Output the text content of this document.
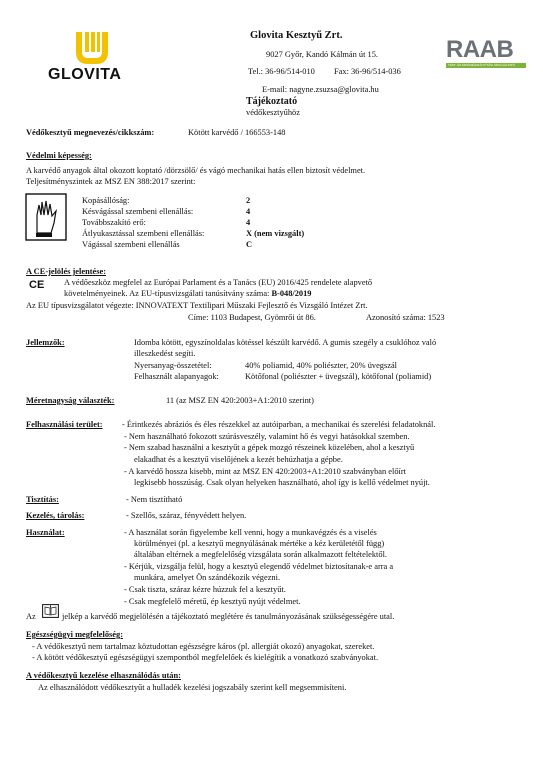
GLOVITA
Glovita Kesztyű Zrt.
9027 Győr, Kandó Kálmán út 15.
Tel.: 36-96/514-010 Fax: 36-96/514-036
E-mail: nagyne.zsuzsa@glovita.hu
RAAB
TEST- ÉS MINŐSÉGIRÁNYÍTÁSI SZOLGÁLTATÓ
Tájékoztató
védőkesztyűhöz
Védőkesztyű megnevezés/cikkszám:	Kötött karvédő / 166553-148
Védelmi képesség:
A karvédő anyagok által okozott koptató /dörzsölő/ és vágó mechanikai hatás ellen biztosít védelmet.
Teljesítményszintek az MSZ EN 388:2017 szerint:
Kopásállóság:	2
Késvágással szembeni ellenállás:	4
Továbbszakító erő:	4
Átlyukasztással szembeni ellenállás:	X (nem vizsgált)
Vágással szembeni ellenállás	C
A CE-jelölés jelentése:
CE A védőeszköz megfelel az Európai Parlament és a Tanács (EU) 2016/425 rendelete alapvető
követelményeinek. Az EU-típusvizsgálati tanúsítvány száma: B-048/2019
Az EU típusvizsgálatot végezte: INNOVATEXT Textilipari Műszaki Fejlesztő és Vizsgáló Intézet Zrt.
Címe: 1103 Budapest, Gyömrői út 86.	Azonosító száma: 1523
Jellemzők:	Idomba kötött, egyszínoldalas kötéssel készült karvédő. A gumis szegély a csuklóhoz való
illeszkedést segíti.
Nyersanyag-összetétel:	40% poliamid, 40% poliészter, 20% üvegszál
Felhasznált alapanyagok:	Kötőfonal (poliészter + üvegszál), kötőfonal (poliamid)
Méretnagyság választék:	11 (az MSZ EN 420:2003+A1:2010 szerint)
Felhasználási terület: - Érintkezés abráziós és éles részekkel az autóiparban, a mechanikai és szerelési feladatoknál.
- Nem használható fokozott szúrásveszély, valamint hő és vegyi hatásokkal szemben.
- Nem szabad használni a kesztyűt a gépek mozgó részeinek közelében, ahol a kesztyű
elakadhat és a kesztyű viselőjének a kezét behúzhatja a gépbe.
- A karvédő hossza kisebb, mint az MSZ EN 420:2003+A1:2010 szabványban előírt
legkisebb hosszúság. Csak olyan helyeken használható, ahol így is kellő védelmet nyújt.
Tisztítás:	- Nem tisztítható
Kezelés, tárolás:	- Szellős, száraz, fényvédett helyen.
Használat:	- A használat során figyelembe kell venni, hogy a munkavégzés és a viselés
körülményei (pl. a kesztyű megnyúlásának mértéke a kéz kerületétől függ)
általában eltérnek a megfelelőség vizsgálata során alkalmazott feltételektől.
- Kérjük, vizsgálja felül, hogy a kesztyű elegendő védelmet biztosítanak-e arra a
munkára, amelyet Ön szándékozik végezni.
- Csak tiszta, száraz kézre húzzuk fel a kesztyűt.
- Csak megfelelő méretű, ép kesztyű nyújt védelmet.
Az	jelkép a karvédő megjelölésén a tájékoztató meglétére és tanulmányozásának szükségességére utal.
Egészségügyi megfelelőség:
- A védőkesztyű nem tartalmaz köztudottan egészségre káros (pl. allergiát okozó) anyagokat, szereket.
- A kötött védőkesztyű egészségügyi szempontból megfelelőek és kielégítik a vonatkozó szabványokat.
A védőkesztyű kezelése elhasználódás után:
Az elhasználódott védőkesztyűt a hulladék kezelési jogszabály szerint kell megsemmisíteni.
